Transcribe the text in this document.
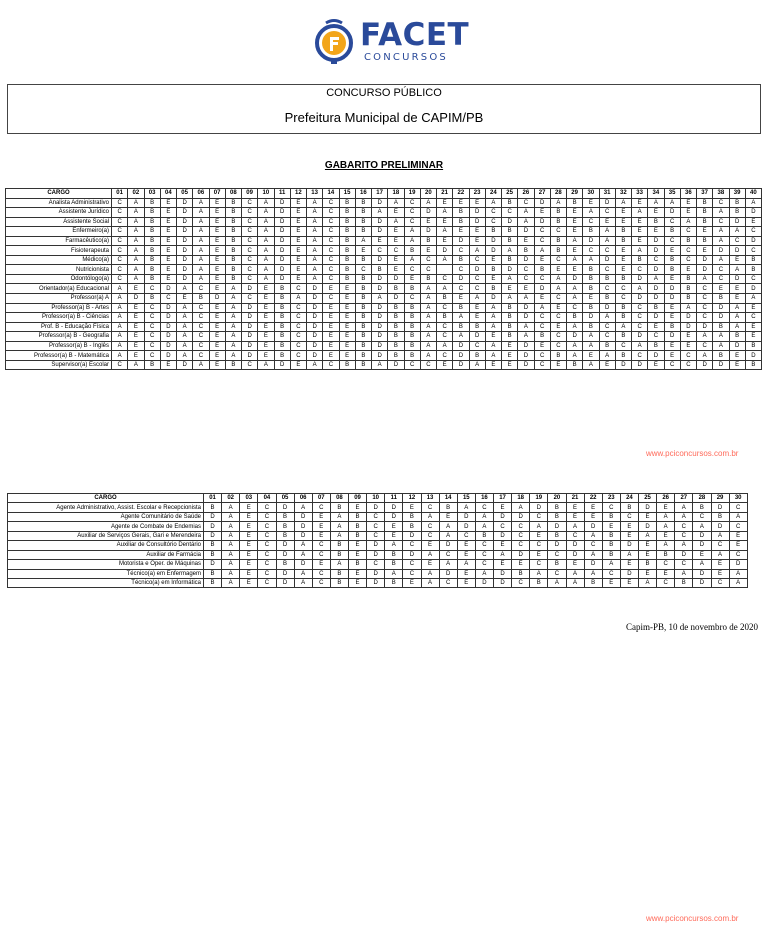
FACET
CONCURSOS
CONCURSO PÚBLICO
Prefeitura Municipal de CAPIM/PB
GABARITO PRELIMINAR
CARGO	01	02	03	04	05	06	07	08	09	10	11	12	13	14	15	16	17	18	19	20	21	22	23	24	25	26	27	28	29	30	31	32	33	34	35	36	37	38	39	40
Analista Administrativo	C	A	B	E	D	A	E	B	C	A	D	E	A	C	B	B	D	A	C	A	E	E	E	A	B	C	D	A	B	E	D	A	E	A	A	E	B	C	B	A
Assistente Jurídico	C	A	B	E	D	A	E	B	C	A	D	E	A	C	B	B	A	E	C	D	A	B	D	C	C	A	E	B	E	A	C	E	A	E	D	E	B	A	B	D
Assistente Social	C	A	B	E	D	A	E	B	C	A	D	E	A	C	B	B	D	A	C	E	E	B	D	C	D	A	D	B	E	C	E	E	E	B	C	A	B	C	D	E
Enfermeiro(a)	C	A	B	E	D	A	E	B	C	A	D	E	A	C	B	B	D	E	A	D	A	E	E	B	B	D	C	C	E	B	A	B	E	E	B	C	E	A	A	C
Farmacêutico(a)	C	A	B	E	D	A	E	B	C	A	D	E	A	C	B	A	E	E	A	B	E	D	E	D	B	E	C	B	A	D	A	B	E	D	C	B	B	A	C	D
Fisioterapeuta	C	A	B	E	D	A	E	B	C	A	D	E	A	C	B	E	C	C	B	E	D	C	A	D	A	B	A	B	E	C	C	E	A	D	E	C	E	D	D	C
Médico(a)	C	A	B	E	D	A	E	B	C	A	D	E	A	C	B	B	D	E	A	C	A	B	C	E	B	D	E	C	A	A	D	E	B	C	B	C	D	A	E	B
Nutricionista	C	A	B	E	D	A	E	B	C	A	D	E	A	C	B	C	B	E	C	C		C	D	B	D	C	B	E	E	B	C	E	C	D	B	E	D	C	A	B
Odontólogo(a)	C	A	B	E	D	A	E	B	C	A	D	E	A	C	B	B	D	D	E	B	C	D	C	E	A	C	C	A	D	B	B	B	D	A	E	B	A	C	D	C
Orientador(a) Educacional	A	E	C	D	A	C	E	A	D	E	B	C	D	E	E	B	D	B	B	A	A	C	C	B	E	E	D	A	A	B	C	C	A	D	D	B	C	E	E	D
Professor(a) A	A	D	B	C	E	B	D	A	C	E	B	A	D	C	E	B	A	D	C	A	B	E	A	D	A	A	E	C	A	E	B	C	D	D	D	B	C	B	E	A
Professor(a) B - Artes	A	E	C	D	A	C	E	A	D	E	B	C	D	E	E	B	D	B	B	A	C	B	E	A	B	D	A	E	C	B	D	B	C	B	E	A	C	D	A	E
Professor(a) B - Ciências	A	E	C	D	A	C	E	A	D	E	B	C	D	E	E	B	D	B	B	A	B	A	E	A	B	D	C	C	B	D	A	B	C	D	E	D	C	D	A	C
Prof. B - Educação Física	A	E	C	D	A	C	E	A	D	E	B	C	D	E	E	B	D	B	B	A	C	B	B	A	B	A	C	E	A	B	C	A	C	E	B	D	D	B	A	E
Professor(a) B - Geografia	A	E	C	D	A	C	E	A	D	E	B	C	D	E	E	B	D	B	B	A	C	A	D	E	B	A	B	C	D	A	C	B	D	C	D	E	A	A	B	E
Professor(a) B - Inglês	A	E	C	D	A	C	E	A	D	E	B	C	D	E	E	B	D	B	B	A	A	D	C	A	E	D	E	C	A	A	B	C	A	B	E	E	C	A	D	B
Professor(a) B - Matemática	A	E	C	D	A	C	E	A	D	E	B	C	D	E	E	B	D	B	B	A	C	D	B	A	E	D	C	B	A	E	A	B	C	D	E	C	A	B	E	D
Supervisor(a) Escolar	C	A	B	E	D	A	E	B	C	A	D	E	A	C	B	B	A	D	C	C	E	D	A	E	E	D	C	E	B	A	E	D	D	E	C	C	D	D	E	B
www.pciconcursos.com.br
CARGO	01	02	03	04	05	06	07	08	09	10	11	12	13	14	15	16	17	18	19	20	21	22	23	24	25	26	27	28	29	30
Agente Administrativo, Assist. Escolar e Recepcionista	B	A	E	C	D	A	C	B	E	D	D	E	C	B	A	C	E	A	D	B	E	E	C	B	D	E	A	B	D	C
Agente Comunitário de Saúde	D	A	E	C	B	D	E	A	B	C	D	B	A	E	D	A	D	D	C	B	E	E	B	C	E	A	A	C	B	A
Agente de Combate de Endemias	D	A	E	C	B	D	E	A	B	C	E	B	C	A	D	A	C	C	A	D	A	D	E	E	D	A	C	A	D	C
Auxiliar de Serviços Gerais, Gari e Merendeira	D	A	E	C	B	D	E	A	B	C	E	D	C	A	C	B	D	C	E	B	C	A	B	E	A	E	C	D	A	E
Auxiliar de Consultório Dentário	B	A	E	C	D	A	C	B	E	D	A	C	E	D	E	C	E	C	C	D	D	C	B	D	E	A	A	D	C	E
Auxiliar de Farmácia	B	A	E	C	D	A	C	B	E	D	B	D	A	C	E	C	A	D	E	C	D	A	B	A	E	B	D	E	A	C
Motorista e Oper. de Máquinas	D	A	E	C	B	D	E	A	B	C	B	C	E	A	A	C	E	E	C	B	E	D	A	E	B	C	C	A	E	D
Técnico(a) em Enfermagem	B	A	E	C	D	A	C	B	E	D	A	C	A	D	E	A	D	B	A	C	A	A	C	D	E	E	A	D	E	A
Técnico(a) em Informática	B	A	E	C	D	A	C	B	E	D	B	E	A	C	E	D	D	C	B	A	A	B	E	E	A	C	B	D	C	A
Capim-PB, 10 de novembro de 2020
www.pciconcursos.com.br
